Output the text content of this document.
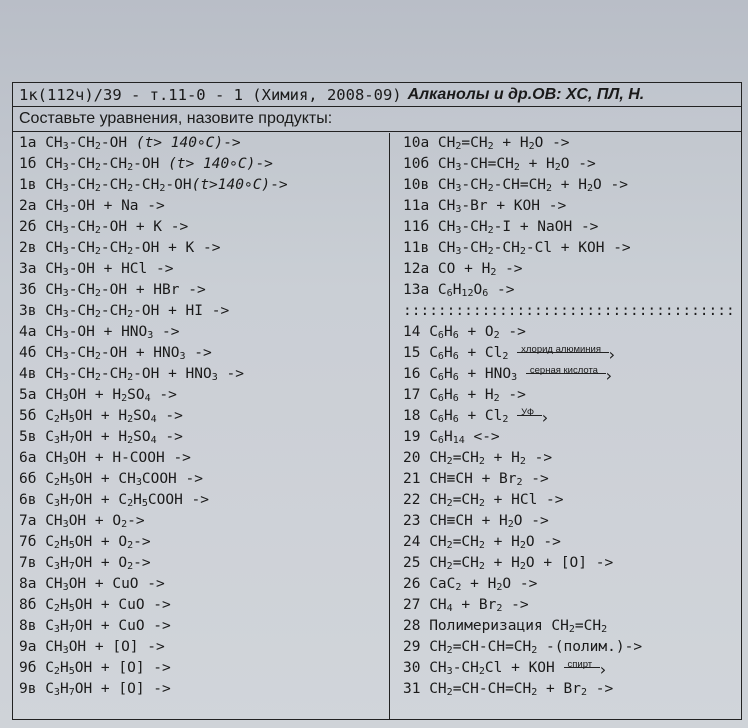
1к(112ч)/39 - т.11-0 - 1 (Химия, 2008-09) Алканолы и др.ОВ: ХС, ПЛ, Н.
Составьте уравнения, назовите продукты:
1а $CH_3-CH_2-OH$ (t> 140∘C)->
1б $CH_3-CH_2-CH_2-OH$ (t> 140∘C)->
1в $CH_3-CH_2-CH_2-CH_2-OH(t>140\circ C)->$
2а $CH_3-OH + Na$ ->
2б $CH_3-CH_2-OH + K$ ->
2в $CH_3-CH_2-CH_2-OH + K$ ->
3а $CH_3-OH$ + HCl ->
3б $CH_3-CH_2-OH$ + HBr ->
3в $CH_3-CH_2-CH_2-OH$ + HI ->
4а $CH_3-OH + HNO_3$ ->
4б $CH_3-CH_2-OH + HNO_3$ ->
4в $CH_3-CH_2-CH_2-OH + HNO_3$ ->
5а $CH_3OH + H_2SO_4$ ->
5б $C_2H_5OH + H_2SO_4$ ->
5в $C_3H_7OH + H_2SO_4$ ->
6а $CH_3OH$ + H-COOH ->
6б $C_2H_5OH$ + $CH_3COOH$ ->
6в $C_3H_7OH$ + $C_2H_5COOH$ ->
7а $CH_3OH + O_2->$
7б $C_2H_5OH + O_2->$
7в $C_3H_7OH + O_2->$
8а $CH_3OH$ + CuO ->
8б $C_2H_5OH$ + CuO ->
8в $C_3H_7OH$ + CuO ->
9а $CH_3OH + [O]$ ->
9б $C_2H_5OH + [O]$ ->
9в $C_3H_7OH + [O]$ ->
10а $CH_2=CH_2 + H_2O$ ->
10б $CH_3-CH=CH_2 + H_2O$ ->
10в $CH_3-CH_2-CH=CH_2 + H_2O$ ->
11а $CH_3-Br$ + KOH ->
11б $CH_3-CH_2-I$ + NaOH ->
11в $CH_3-CH_2-CH_2-Cl$ + KOH ->
12а CO + $H_2$ ->
13а $C_6H_{12}O_6$ ->
::::::::::::::::::::::::::::::::::::::
14 $C_6H_6 + O_2$ ->
15 $C_6H_6 + Cl_2$ › хлорид алюминия
16 $C_6H_6 + HNO_3$ › серная кислота
17 $C_6H_6 + H_2$ ->
18 $C_6H_6 + Cl_2$ › УФ
19 $C_6H_{14}$ <->
20 $CH_2=CH_2 + H_2$ ->
21 $CH\equiv CH + Br_2$ ->
22 $CH_2=CH_2$ + HCl ->
23 $CH\equiv CH + H_2O$ ->
24 $CH_2=CH_2 + H_2O$ ->
25 $CH_2=CH_2 + H_2O + [O]$ ->
26 $CaC_2 + H_2O$ ->
27 $CH_4 + Br_2$ ->
28 Полимеризация $CH_2=CH_2$
29 $CH_2=CH-CH=CH_2$ -(полим.)->
30 $CH_3-CH_2Cl$ + KOH › спирт
31 $CH_2=CH-CH=CH_2 + Br_2$ ->
